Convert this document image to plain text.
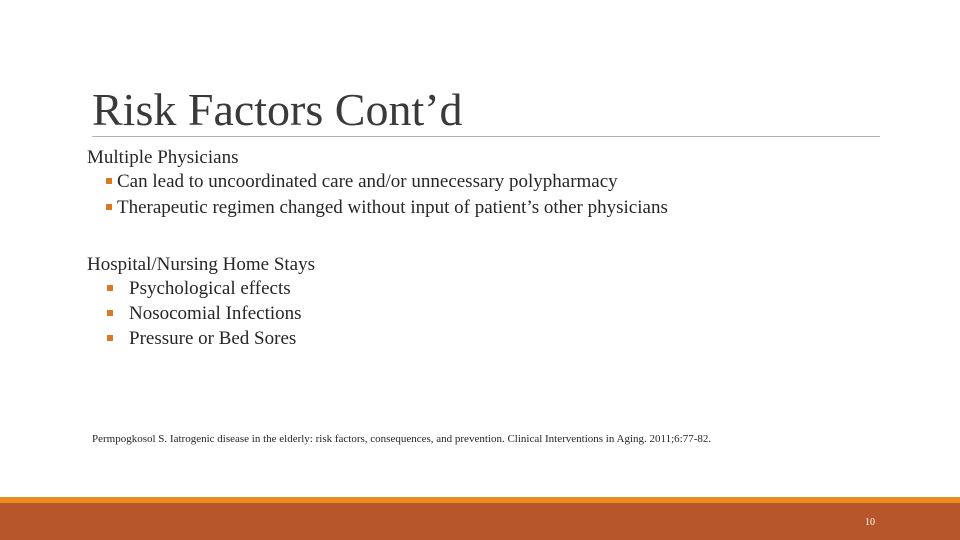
Risk Factors Cont’d
Multiple Physicians
Can lead to uncoordinated care and/or unnecessary polypharmacy
Therapeutic regimen changed without input of patient’s other physicians
Hospital/Nursing Home Stays
Psychological effects
Nosocomial Infections
Pressure or Bed Sores
Permpogkosol S. Iatrogenic disease in the elderly: risk factors, consequences, and prevention. Clinical Interventions in Aging. 2011;6:77-82.
10
